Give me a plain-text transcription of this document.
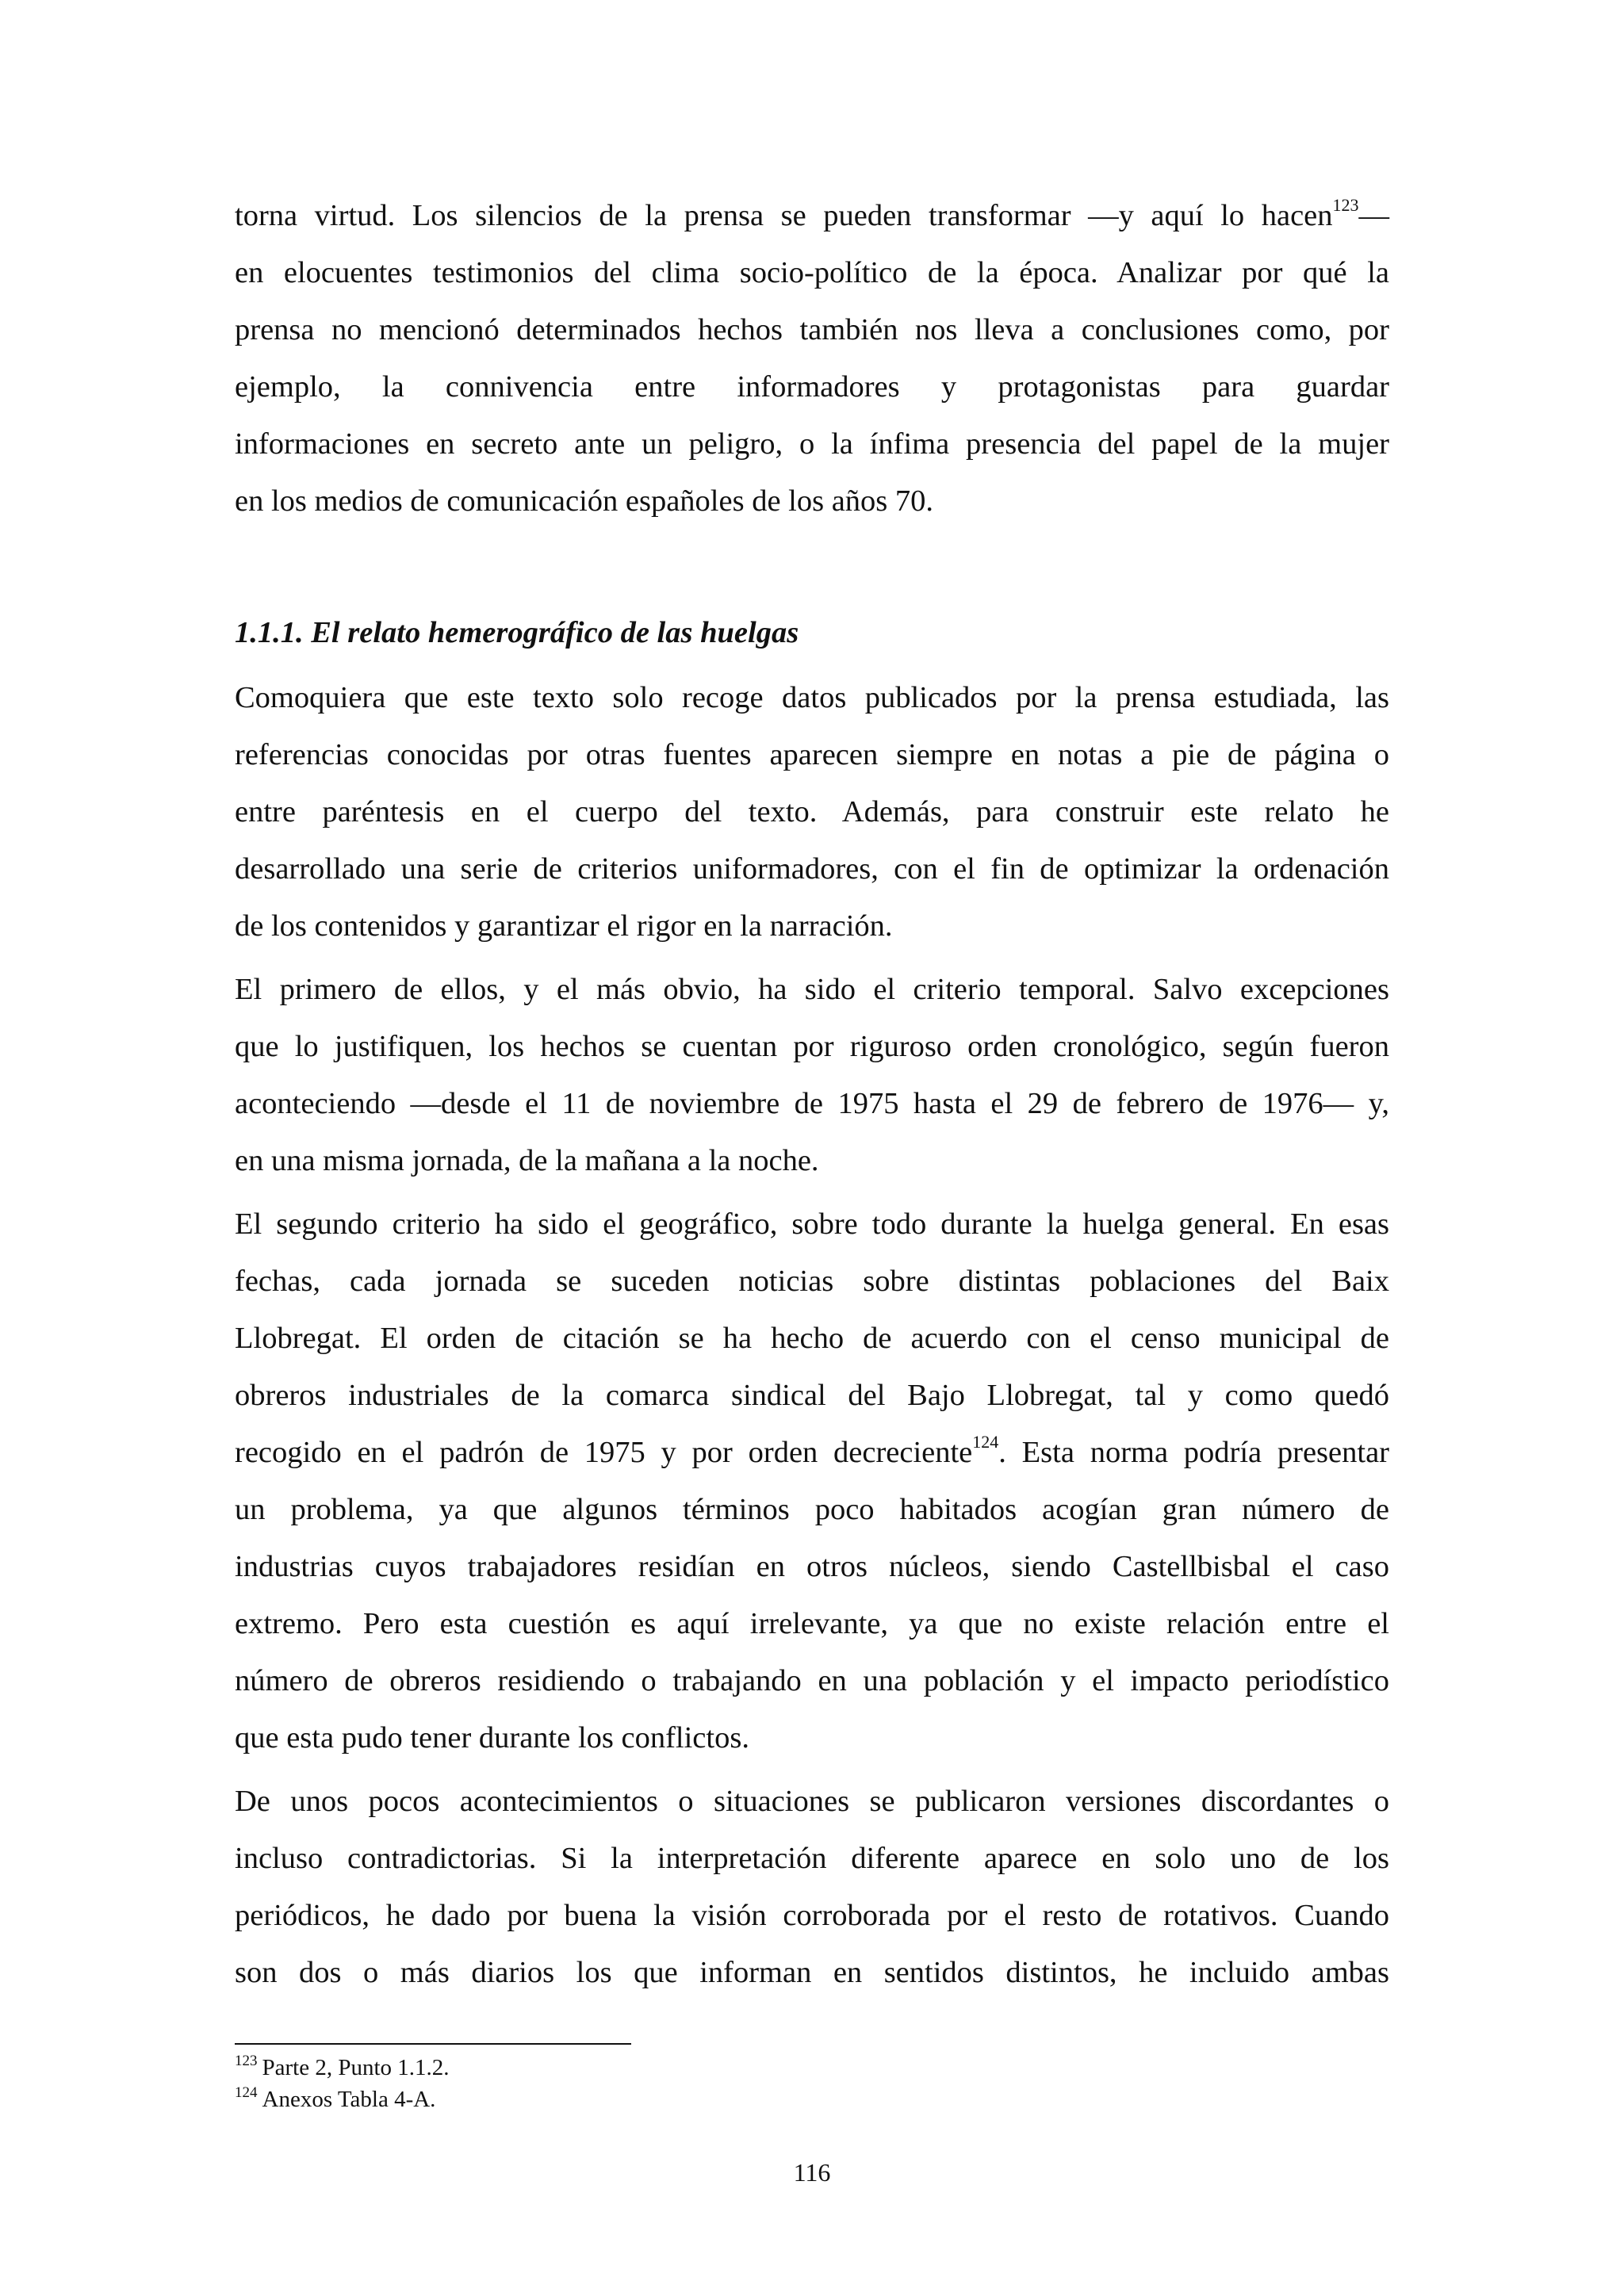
torna virtud. Los silencios de la prensa se pueden transformar —y aquí lo hacen$^{123}$—
en elocuentes testimonios del clima socio-político de la época. Analizar por qué la
prensa no mencionó determinados hechos también nos lleva a conclusiones como, por
ejemplo, la connivencia entre informadores y protagonistas para guardar
informaciones en secreto ante un peligro, o la ínfima presencia del papel de la mujer
en los medios de comunicación españoles de los años 70.
1.1.1. El relato hemerográfico de las huelgas
Comoquiera que este texto solo recoge datos publicados por la prensa estudiada, las
referencias conocidas por otras fuentes aparecen siempre en notas a pie de página o
entre paréntesis en el cuerpo del texto. Además, para construir este relato he
desarrollado una serie de criterios uniformadores, con el fin de optimizar la ordenación
de los contenidos y garantizar el rigor en la narración.
El primero de ellos, y el más obvio, ha sido el criterio temporal. Salvo excepciones
que lo justifiquen, los hechos se cuentan por riguroso orden cronológico, según fueron
aconteciendo —desde el 11 de noviembre de 1975 hasta el 29 de febrero de 1976— y,
en una misma jornada, de la mañana a la noche.
El segundo criterio ha sido el geográfico, sobre todo durante la huelga general. En esas
fechas, cada jornada se suceden noticias sobre distintas poblaciones del Baix
Llobregat. El orden de citación se ha hecho de acuerdo con el censo municipal de
obreros industriales de la comarca sindical del Bajo Llobregat, tal y como quedó
recogido en el padrón de 1975 y por orden decreciente$^{124}$. Esta norma podría presentar
un problema, ya que algunos términos poco habitados acogían gran número de
industrias cuyos trabajadores residían en otros núcleos, siendo Castellbisbal el caso
extremo. Pero esta cuestión es aquí irrelevante, ya que no existe relación entre el
número de obreros residiendo o trabajando en una población y el impacto periodístico
que esta pudo tener durante los conflictos.
De unos pocos acontecimientos o situaciones se publicaron versiones discordantes o
incluso contradictorias. Si la interpretación diferente aparece en solo uno de los
periódicos, he dado por buena la visión corroborada por el resto de rotativos. Cuando
son dos o más diarios los que informan en sentidos distintos, he incluido ambas
$^{123}$ Parte 2, Punto 1.1.2.
$^{124}$ Anexos Tabla 4-A.
116
